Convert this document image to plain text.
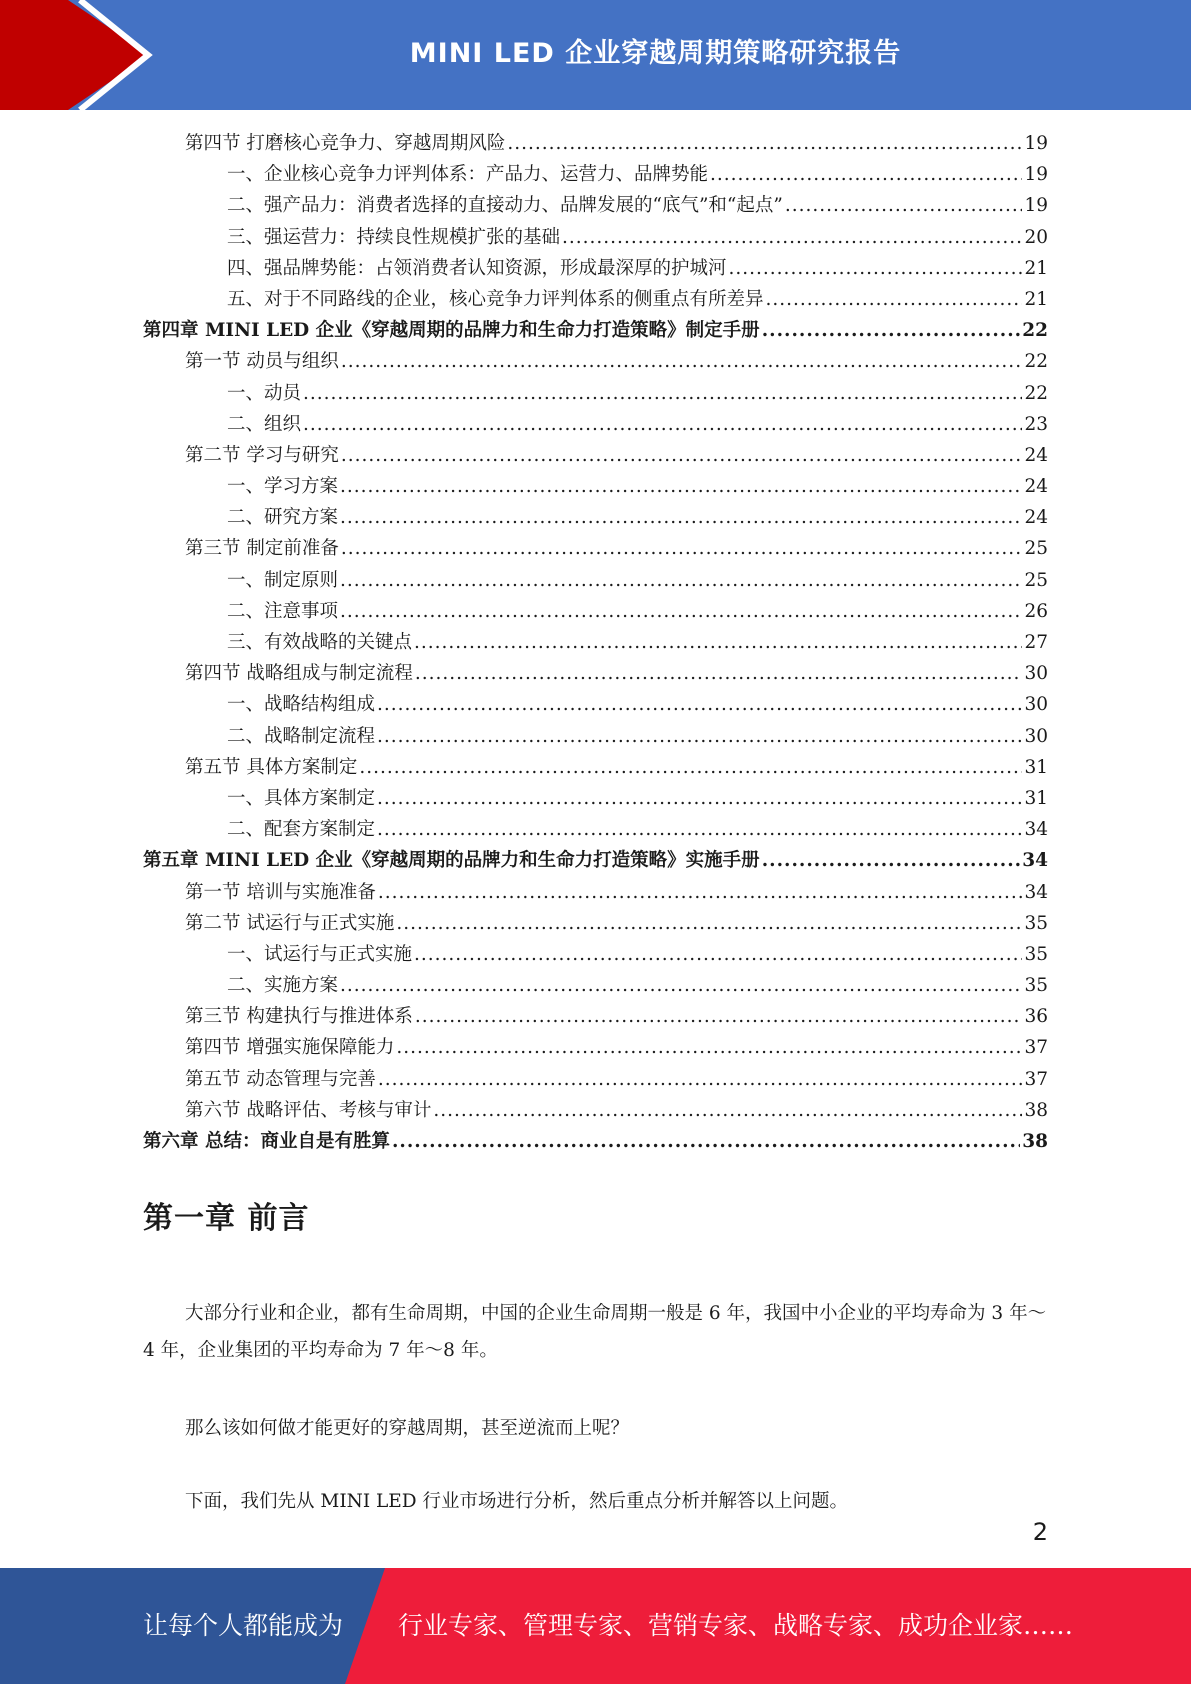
MINI LED 企业穿越周期策略研究报告
第四节 打磨核心竞争力、穿越周期风险 .....	19
一、企业核心竞争力评判体系：产品力、运营力、品牌势能 .....	19
二、强产品力：消费者选择的直接动力、品牌发展的“底气”和“起点” .....	19
三、强运营力：持续良性规模扩张的基础 .....	20
四、强品牌势能：占领消费者认知资源，形成最深厚的护城河 .....	21
五、对于不同路线的企业，核心竞争力评判体系的侧重点有所差异 .....	21
第四章 MINI LED 企业《穿越周期的品牌力和生命力打造策略》制定手册 .....	22
第一节 动员与组织 .....	22
一、动员 .....	22
二、组织 .....	23
第二节 学习与研究 .....	24
一、学习方案 .....	24
二、研究方案 .....	24
第三节 制定前准备 .....	25
一、制定原则 .....	25
二、注意事项 .....	26
三、有效战略的关键点 .....	27
第四节 战略组成与制定流程 .....	30
一、战略结构组成 .....	30
二、战略制定流程 .....	30
第五节 具体方案制定 .....	31
一、具体方案制定 .....	31
二、配套方案制定 .....	34
第五章 MINI LED 企业《穿越周期的品牌力和生命力打造策略》实施手册 .....	34
第一节 培训与实施准备 .....	34
第二节 试运行与正式实施 .....	35
一、试运行与正式实施 .....	35
二、实施方案 .....	35
第三节 构建执行与推进体系 .....	36
第四节 增强实施保障能力 .....	37
第五节 动态管理与完善 .....	37
第六节 战略评估、考核与审计 .....	38
第六章 总结：商业自是有胜算 .....	38
第一章 前言

大部分行业和企业，都有生命周期，中国的企业生命周期一般是 6 年，我国中小企业的平均寿命为 3 年～4 年，企业集团的平均寿命为 7 年～8 年。

那么该如何做才能更好的穿越周期，甚至逆流而上呢？

下面，我们先从 MINI LED 行业市场进行分析，然后重点分析并解答以上问题。

2
让每个人都能成为 行业专家、管理专家、营销专家、战略专家、成功企业家……
